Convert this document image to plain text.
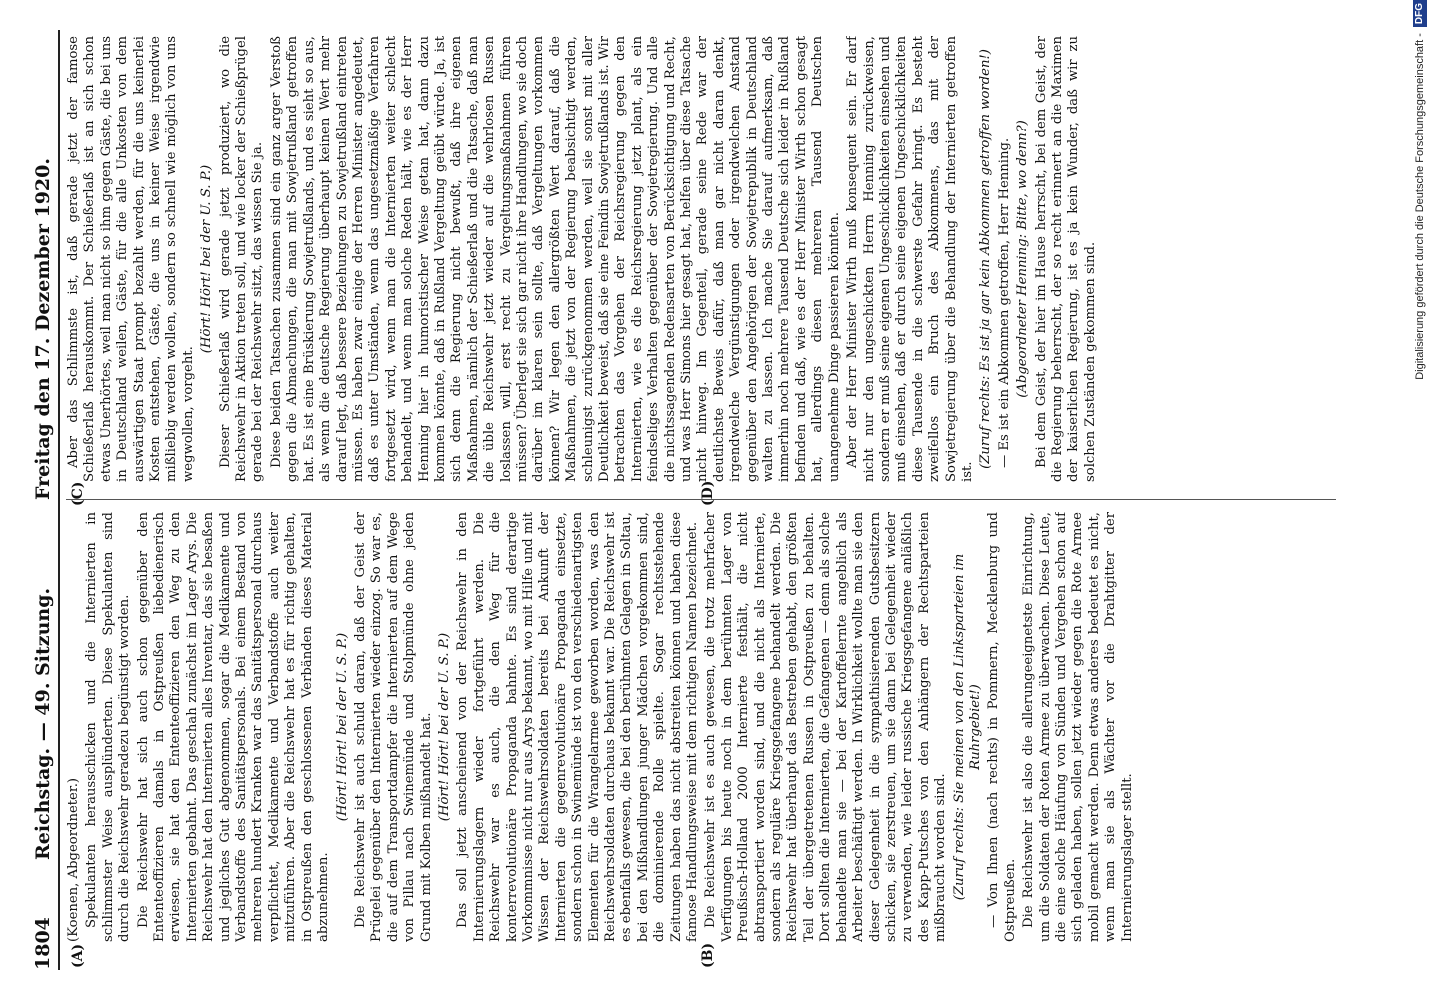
1804
Reichstag. — 49. Sitzung.
Freitag den 17. Dezember 1920.
(A)	(B)
(C)	(D)

(Koenen, Abgeordneter.) Spekulanten herausschicken und die Internierten in schlimmster Weise ausplünderten. Diese Spekulanten sind durch die Reichswehr geradezu begünstigt worden. Die Reichswehr hat sich auch schon gegenüber den Ententeoffizieren damals in Ostpreußen liebedienerisch erwiesen, sie hat den Ententeoffizieren den Weg zu den Internierten gebahnt. Das geschah zunächst im Lager Arys. Die Reichswehr hat den Internierten alles Inventar, das sie besaßen und jegliches Gut abgenommen, sogar die Medikamente und Verbandstoffe des Sanitätspersonals. Bei einem Bestand von mehreren hundert Kranken war das Sanitätspersonal durchaus verpflichtet, Medikamente und Verbandstoffe auch weiter mitzuführen. Aber die Reichswehr hat es für richtig gehalten, in Ostpreußen den geschlossenen Verbänden dieses Material abzunehmen.

(Hört! Hört! bei der U. S. P.) Die Reichswehr ist auch schuld daran, daß der Geist der Prügelei gegenüber den Internierten wieder einzog. So war es, die auf dem Transportdampfer die Internierten auf dem Wege von Pillau nach Swinemünde und Stolpmünde ohne jeden Grund mit Kolben mißhandelt hat. (Hört! Hört! bei der U. S. P.) Das soll jetzt anscheinend von der Reichswehr in den Internierungslagern wieder fortgeführt werden. Die Reichswehr war es auch, die den Weg für die konterrevolutionäre Propaganda bahnte. Es sind derartige Vorkommnisse nicht nur aus Arys bekannt, wo mit Hilfe und mit Wissen der Reichswehrsoldaten bereits bei Ankunft der Internierten die gegenrevolutionäre Propaganda einsetzte, sondern schon in Swinemünde ist von den verschiedenartigsten Elementen für die Wrangelarmee geworben worden, was den Reichswehrsoldaten durchaus bekannt war. Die Reichswehr ist es ebenfalls gewesen, die bei den berühmten Gelagen in Soltau, bei den Mißhandlungen junger Mädchen vorgekommen sind, die dominierende Rolle spielte. Sogar rechtsstehende Zeitungen haben das nicht abstreiten können und haben diese famose Handlungsweise mit dem richtigen Namen bezeichnet. Die Reichswehr ist es auch gewesen, die trotz mehrfacher Verfügungen bis heute noch in dem berühmten Lager von Preußisch-Holland 2000 Internierte festhält, die nicht abtransportiert worden sind, und die nicht als Internierte, sondern als reguläre Kriegsgefangene behandelt werden. Die Reichswehr hat überhaupt das Bestreben gehabt, den größten Teil der übergetretenen Russen in Ostpreußen zu behalten. Dort sollten die Internierten, die Gefangenen — denn als solche behandelte man sie — bei der Kartoffelernte angeblich als Arbeiter beschäftigt werden. In Wirklichkeit wollte man sie den dieser Gelegenheit in die sympathisierenden Gutsbesitzern schicken, sie zerstreuen, um sie dann bei Gelegenheit wieder zu verwenden, wie leider russische Kriegsgefangene anläßlich des Kapp-Putsches von den Anhängern der Rechtsparteien mißbraucht worden sind. (Zuruf rechts: Sie meinen von den Linksparteien im Ruhrgebiet!) — Von Ihnen (nach rechts) in Pommern, Mecklenburg und Ostpreußen. Die Reichswehr ist also die allerungeeignetste Einrichtung, um die Soldaten der Roten Armee zu überwachen. Diese Leute, die eine solche Häufung von Sünden und Vergehen schon auf sich geladen haben, sollen jetzt wieder gegen die Rote Armee mobil gemacht werden. Denn etwas anderes bedeutet es nicht, wenn man sie als Wächter vor die Drahtgitter der Internierungslager stellt.

Aber das Schlimmste ist, daß gerade jetzt der famose Schießerlaß herauskommt. Der Schießerlaß ist an sich schon etwas Unerhörtes, weil man nicht so ihm gegen Gäste, die bei uns in Deutschland weilen, Gäste, für die alle Unkosten von dem auswärtigen Staat prompt bezahlt werden, für die uns keinerlei Kosten entstehen, Gäste, die uns in keiner Weise irgendwie mißliebig werden wollen, sondern so schnell wie möglich von uns wegwollen, vorgeht.

(Hört! Hört! bei der U. S. P.) Dieser Schießerlaß wird gerade jetzt produziert, wo die Reichswehr in Aktion treten soll, und wie locker der Schießprügel gerade bei der Reichswehr sitzt, das wissen Sie ja. Diese beiden Tatsachen zusammen sind ein ganz arger Verstoß gegen die Abmachungen, die man mit Sowjetrußland getroffen hat. Es ist eine Brüskierung Sowjetrußlands, und es sieht so aus, als wenn die deutsche Regierung überhaupt keinen Wert mehr darauf legt, daß bessere Beziehungen zu Sowjetrußland eintreten müssen. Es haben zwar einige der Herren Minister angedeutet, daß es unter Umständen, wenn das ungesetzmäßige Verfahren fortgesetzt wird, wenn man die Internierten weiter schlecht behandelt, und wenn man solche Reden hält, wie es der Herr Henning hier in humoristischer Weise getan hat, dann dazu kommen könnte, daß in Rußland Vergeltung geübt würde. Ja, ist sich denn die Regierung nicht bewußt, daß ihre eigenen Maßnahmen, nämlich der Schießerlaß und die Tatsache, daß man die üble Reichswehr jetzt wieder auf die wehrlosen Russen loslassen will, erst recht zu Vergeltungsmaßnahmen führen müssen? Überlegt sie sich gar nicht ihre Handlungen, wo sie doch darüber im klaren sein sollte, daß Vergeltungen vorkommen können? Wir legen den allergrößten Wert darauf, daß die Maßnahmen, die jetzt von der Regierung beabsichtigt werden, schleunigst zurückgenommen werden, weil sie sonst mit aller Deutlichkeit beweist, daß sie eine Feindin Sowjetrußlands ist. Wir betrachten das Vorgehen der Reichsregierung gegen den Internierten, wie es die Reichsregierung jetzt plant, als ein feindseliges Verhalten gegenüber der Sowjetregierung. Und alle die nichtssagenden Redensarten von Berücksichtigung und Recht, und was Herr Simons hier gesagt hat, helfen über diese Tatsache nicht hinweg. Im Gegenteil, gerade seine Rede war der deutlichste Beweis dafür, daß man gar nicht daran denkt, irgendwelche Vergünstigungen oder irgendwelchen Anstand gegenüber den Angehörigen der Sowjetrepublik in Deutschland walten zu lassen. Ich mache Sie darauf aufmerksam, daß immerhin noch mehrere Tausend Deutsche sich leider in Rußland befinden und daß, wie es der Herr Minister Wirth schon gesagt hat, allerdings diesen mehreren Tausend Deutschen unangenehme Dinge passieren könnten. Aber der Herr Minister Wirth muß konsequent sein. Er darf nicht nur den ungeschickten Herrn Henning zurückweisen, sondern er muß seine eigenen Ungeschicklichkeiten einsehen und muß einsehen, daß er durch seine eigenen Ungeschicklichkeiten diese Tausende in die schwerste Gefahr bringt. Es besteht zweifellos ein Bruch des Abkommens, das mit der Sowjetregierung über die Behandlung der Internierten getroffen ist.

(Zuruf rechts: Es ist ja gar kein Abkommen getroffen worden!) — Es ist ein Abkommen getroffen, Herr Henning. (Abgeordneter Henning: Bitte, wo denn?) Bei dem Geist, der hier im Hause herrscht, bei dem Geist, der die Regierung beherrscht, der so recht erinnert an die Maximen der kaiserlichen Regierung, ist es ja kein Wunder, daß wir zu solchen Zuständen gekommen sind.	Digitalisierung gefördert durch die Deutsche Forschungsgemeinschaft -DFG
